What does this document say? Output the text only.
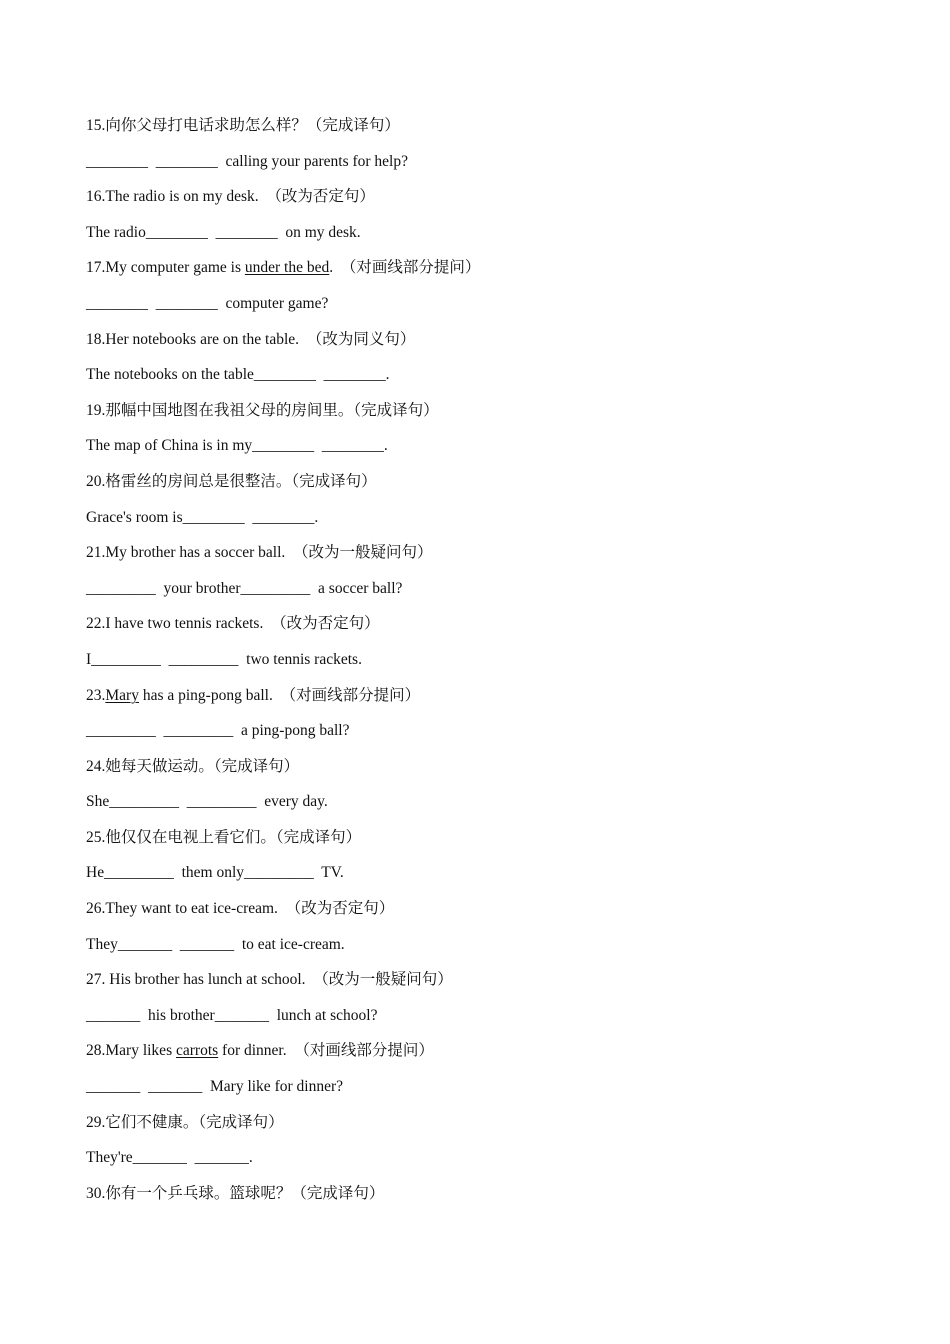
15.向你父母打电话求助怎么样？（完成译句）

________  ________  calling your parents for help?

16.The radio is on my desk.  （改为否定句）

The radio________  ________  on my desk.

17.My computer game is under the bed.  （对画线部分提问）

________  ________  computer game?

18.Her notebooks are on the table.  （改为同义句）

The notebooks on the table________  ________.

19.那幅中国地图在我祖父母的房间里。（完成译句）

The map of China is in my________  ________.

20.格雷丝的房间总是很整洁。（完成译句）

Grace's room is________  ________.

21.My brother has a soccer ball.  （改为一般疑问句）

_________  your brother_________  a soccer ball?

22.I have two tennis rackets.  （改为否定句）

I_________  _________  two tennis rackets.

23.Mary has a ping-pong ball.  （对画线部分提问）

_________  _________  a ping-pong ball?

24.她每天做运动。（完成译句）

She_________  _________  every day.

25.他仅仅在电视上看它们。（完成译句）

He_________  them only_________  TV.

26.They want to eat ice-cream.  （改为否定句）

They_______  _______  to eat ice-cream.

27. His brother has lunch at school.  （改为一般疑问句）

_______  his brother_______  lunch at school?

28.Mary likes carrots for dinner.  （对画线部分提问）

_______  _______  Mary like for dinner?

29.它们不健康。（完成译句）

They're_______  _______.

30.你有一个乒乓球。篮球呢？（完成译句）
